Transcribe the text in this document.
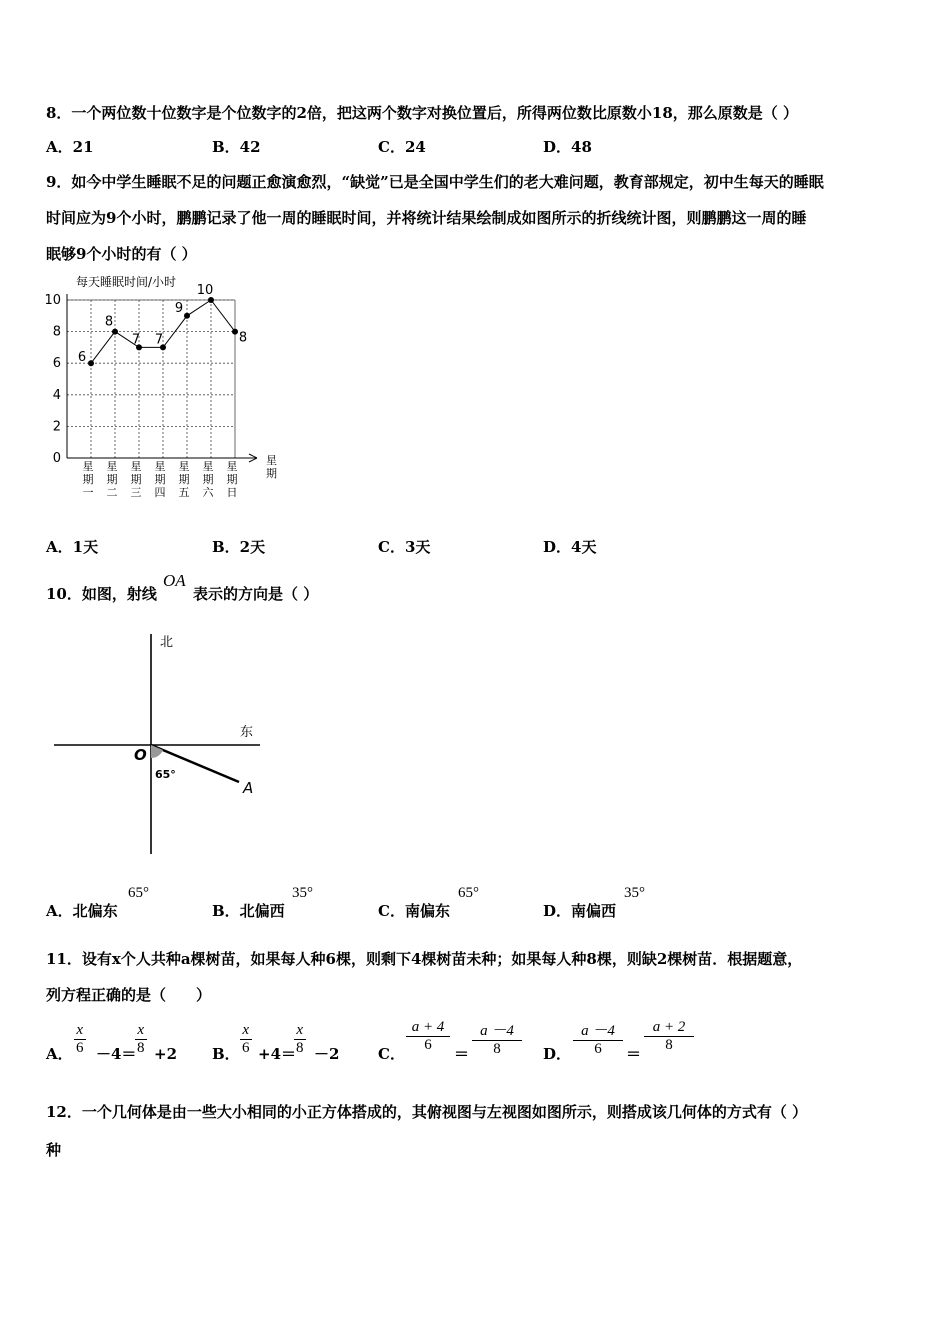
8．一个两位数十位数字是个位数字的2倍，把这两个数字对换位置后，所得两位数比原数小18，那么原数是（ ）
A．21	B．42	C．24	D．48
9．如今中学生睡眠不足的问题正愈演愈烈，“缺觉”已是全国中学生们的老大难问题，教育部规定，初中生每天的睡眠
时间应为9个小时，鹏鹏记录了他一周的睡眠时间，并将统计结果绘制成如图所示的折线统计图，则鹏鹏这一周的睡
眠够9个小时的有（ ）
0
2
4
6
8
10
星期一
星期二
星期三
星期四
星期五
星期六
星期日
6
8
7 7
9
10
8
每天睡眠时间/小时
星期
A．1天	B．2天	C．3天	D．4天
10．如图，射线
OA
表示的方向是（ ）
北
东
O
65°
A
A．北偏东
65°
B．北偏西
35°
C．南偏东
65°
D．南偏西
35°
11．设有x个人共种a棵树苗，如果每人种6棵，则剩下4棵树苗未种；如果每人种8棵，则缺2棵树苗．根据题意，
列方程正确的是（　　）
A． $\frac{x}{6} -4=$
$\frac{x}{8} +2$ B． $\frac{x}{6} +4=$
$\frac{x}{8} -2$	C． $\frac{a + 4}{6} = \frac{a -4}{8}$ D． $\frac{a -4}{6} = \frac{a + 2}{8}$
12．一个几何体是由一些大小相同的小正方体搭成的，其俯视图与左视图如图所示，则搭成该几何体的方式有（ ）
种
